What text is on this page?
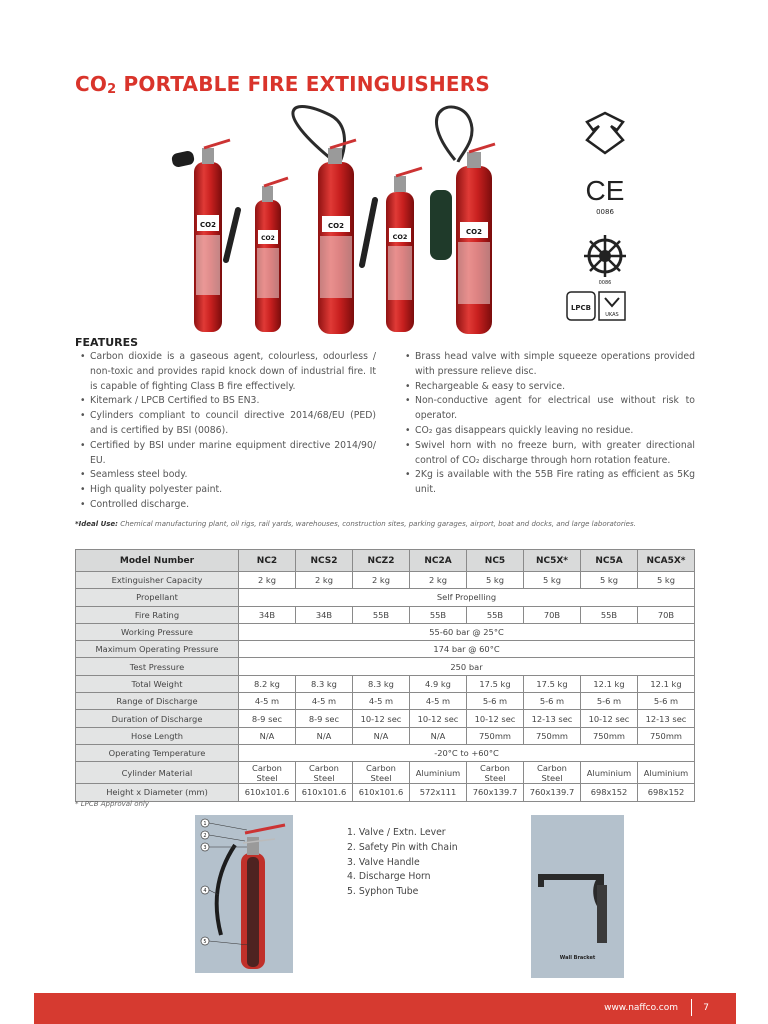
$CO_2$ PORTABLE FIRE EXTINGUISHERS
CO2
CO2
CO2
CO2
CO2
CE
0086
0086
LPCB
UKAS
FEATURES
• Carbon dioxide is a gaseous agent, colourless, odourless / non-toxic and provides rapid knock down of industrial fire. It is capable of fighting Class B fire effectively.
• Kitemark / LPCB Certified to BS EN3.
• Cylinders compliant to council directive 2014/68/EU (PED) and is certified by BSI (0086).
• Certified by BSI under marine equipment directive 2014/90/ EU.
• Seamless steel body.
• High quality polyester paint.
• Controlled discharge.
• Brass head valve with simple squeeze operations provided with pressure relieve disc.
• Rechargeable & easy to service.
• Non-conductive agent for electrical use without risk to operator.
• CO₂ gas disappears quickly leaving no residue.
• Swivel horn with no freeze burn, with greater directional control of CO₂ discharge through horn rotation feature.
• 2Kg is available with the 55B Fire rating as efficient as 5Kg unit.
*Ideal Use: Chemical manufacturing plant, oil rigs, rail yards, warehouses, construction sites, parking garages, airport, boat and docks, and large laboratories.
Model Number	NC2	NCS2	NCZ2	NC2A	NC5	NC5X*	NC5A	NCA5X*
Extinguisher Capacity	2 kg	2 kg	2 kg	2 kg	5 kg	5 kg	5 kg	5 kg
Propellant	Self Propelling							
Fire Rating	34B	34B	55B	55B	55B	70B	55B	70B
Working Pressure	55-60 bar @ 25°C							
Maximum Operating Pressure	174 bar @ 60°C							
Test Pressure	250 bar							
Total Weight	8.2 kg	8.3 kg	8.3 kg	4.9 kg	17.5 kg	17.5 kg	12.1 kg	12.1 kg
Range of Discharge	4-5 m	4-5 m	4-5 m	4-5 m	5-6 m	5-6 m	5-6 m	5-6 m
Duration of Discharge	8-9 sec	8-9 sec	10-12 sec	10-12 sec	10-12 sec	12-13 sec	10-12 sec	12-13 sec
Hose Length	N/A	N/A	N/A	N/A	750mm	750mm	750mm	750mm
Operating Temperature	-20°C to +60°C							
Cylinder Material	Carbon Steel	Carbon Steel	Carbon Steel	Aluminium	Carbon Steel	Carbon Steel	Aluminium	Aluminium
Height x Diameter (mm)	610x101.6	610x101.6	610x101.6	572x111	760x139.7	760x139.7	698x152	698x152
* LPCB Approval only
1
2
3
4
5
1. Valve / Extn. Lever
2. Safety Pin with Chain
3. Valve Handle
4. Discharge Horn
5. Syphon Tube
Wall Bracket
www.naffco.com	7
